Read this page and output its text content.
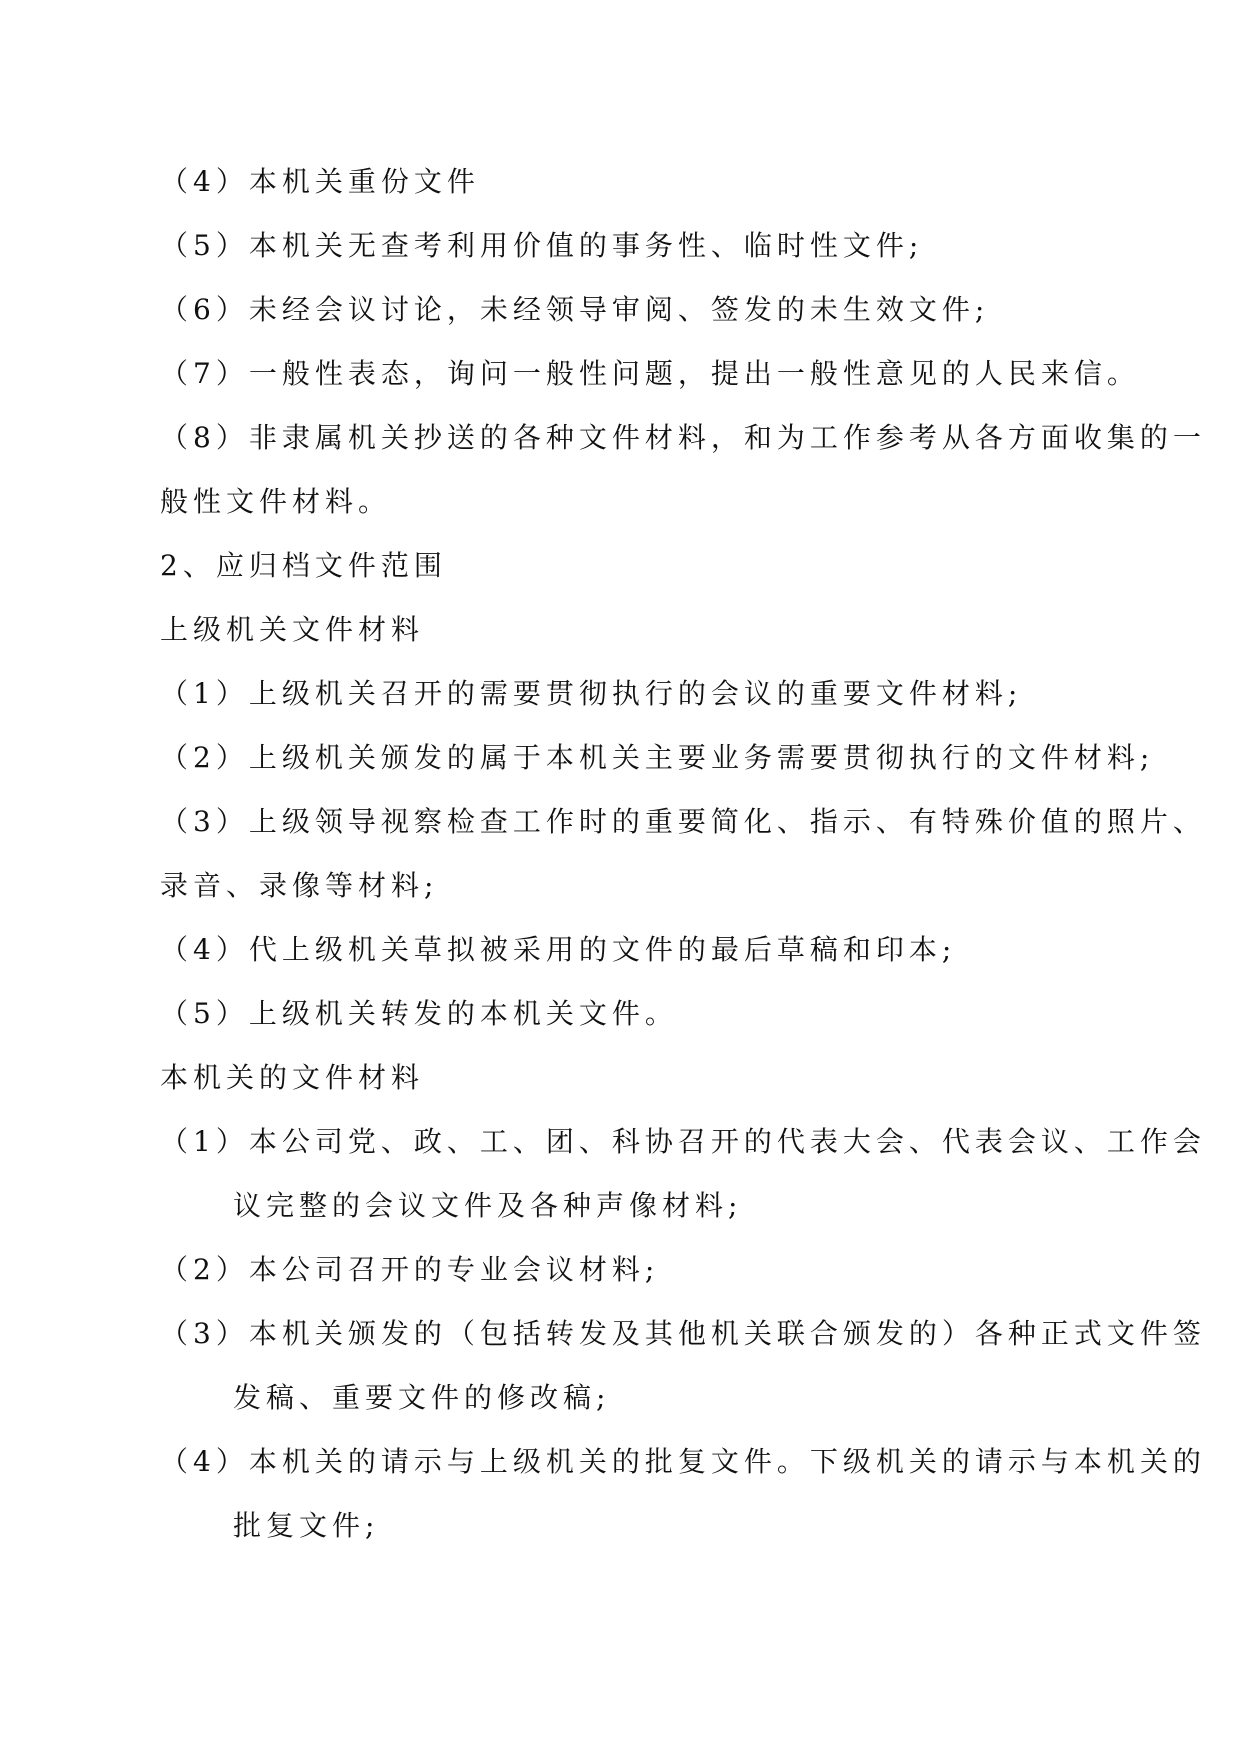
（4）本机关重份文件
（5）本机关无查考利用价值的事务性、临时性文件;
（6）未经会议讨论，未经领导审阅、签发的未生效文件;
（7）一般性表态，询问一般性问题，提出一般性意见的人民来信。
（8）非隶属机关抄送的各种文件材料，和为工作参考从各方面收集的一
般性文件材料。
2、应归档文件范围
上级机关文件材料
（1）上级机关召开的需要贯彻执行的会议的重要文件材料;
（2）上级机关颁发的属于本机关主要业务需要贯彻执行的文件材料;
（3）上级领导视察检查工作时的重要简化、指示、有特殊价值的照片、
录音、录像等材料;
（4）代上级机关草拟被采用的文件的最后草稿和印本;
（5）上级机关转发的本机关文件。
本机关的文件材料
（1）本公司党、政、工、团、科协召开的代表大会、代表会议、工作会
议完整的会议文件及各种声像材料;
（2）本公司召开的专业会议材料;
（3）本机关颁发的（包括转发及其他机关联合颁发的）各种正式文件签
发稿、重要文件的修改稿;
（4）本机关的请示与上级机关的批复文件。下级机关的请示与本机关的
批复文件;
